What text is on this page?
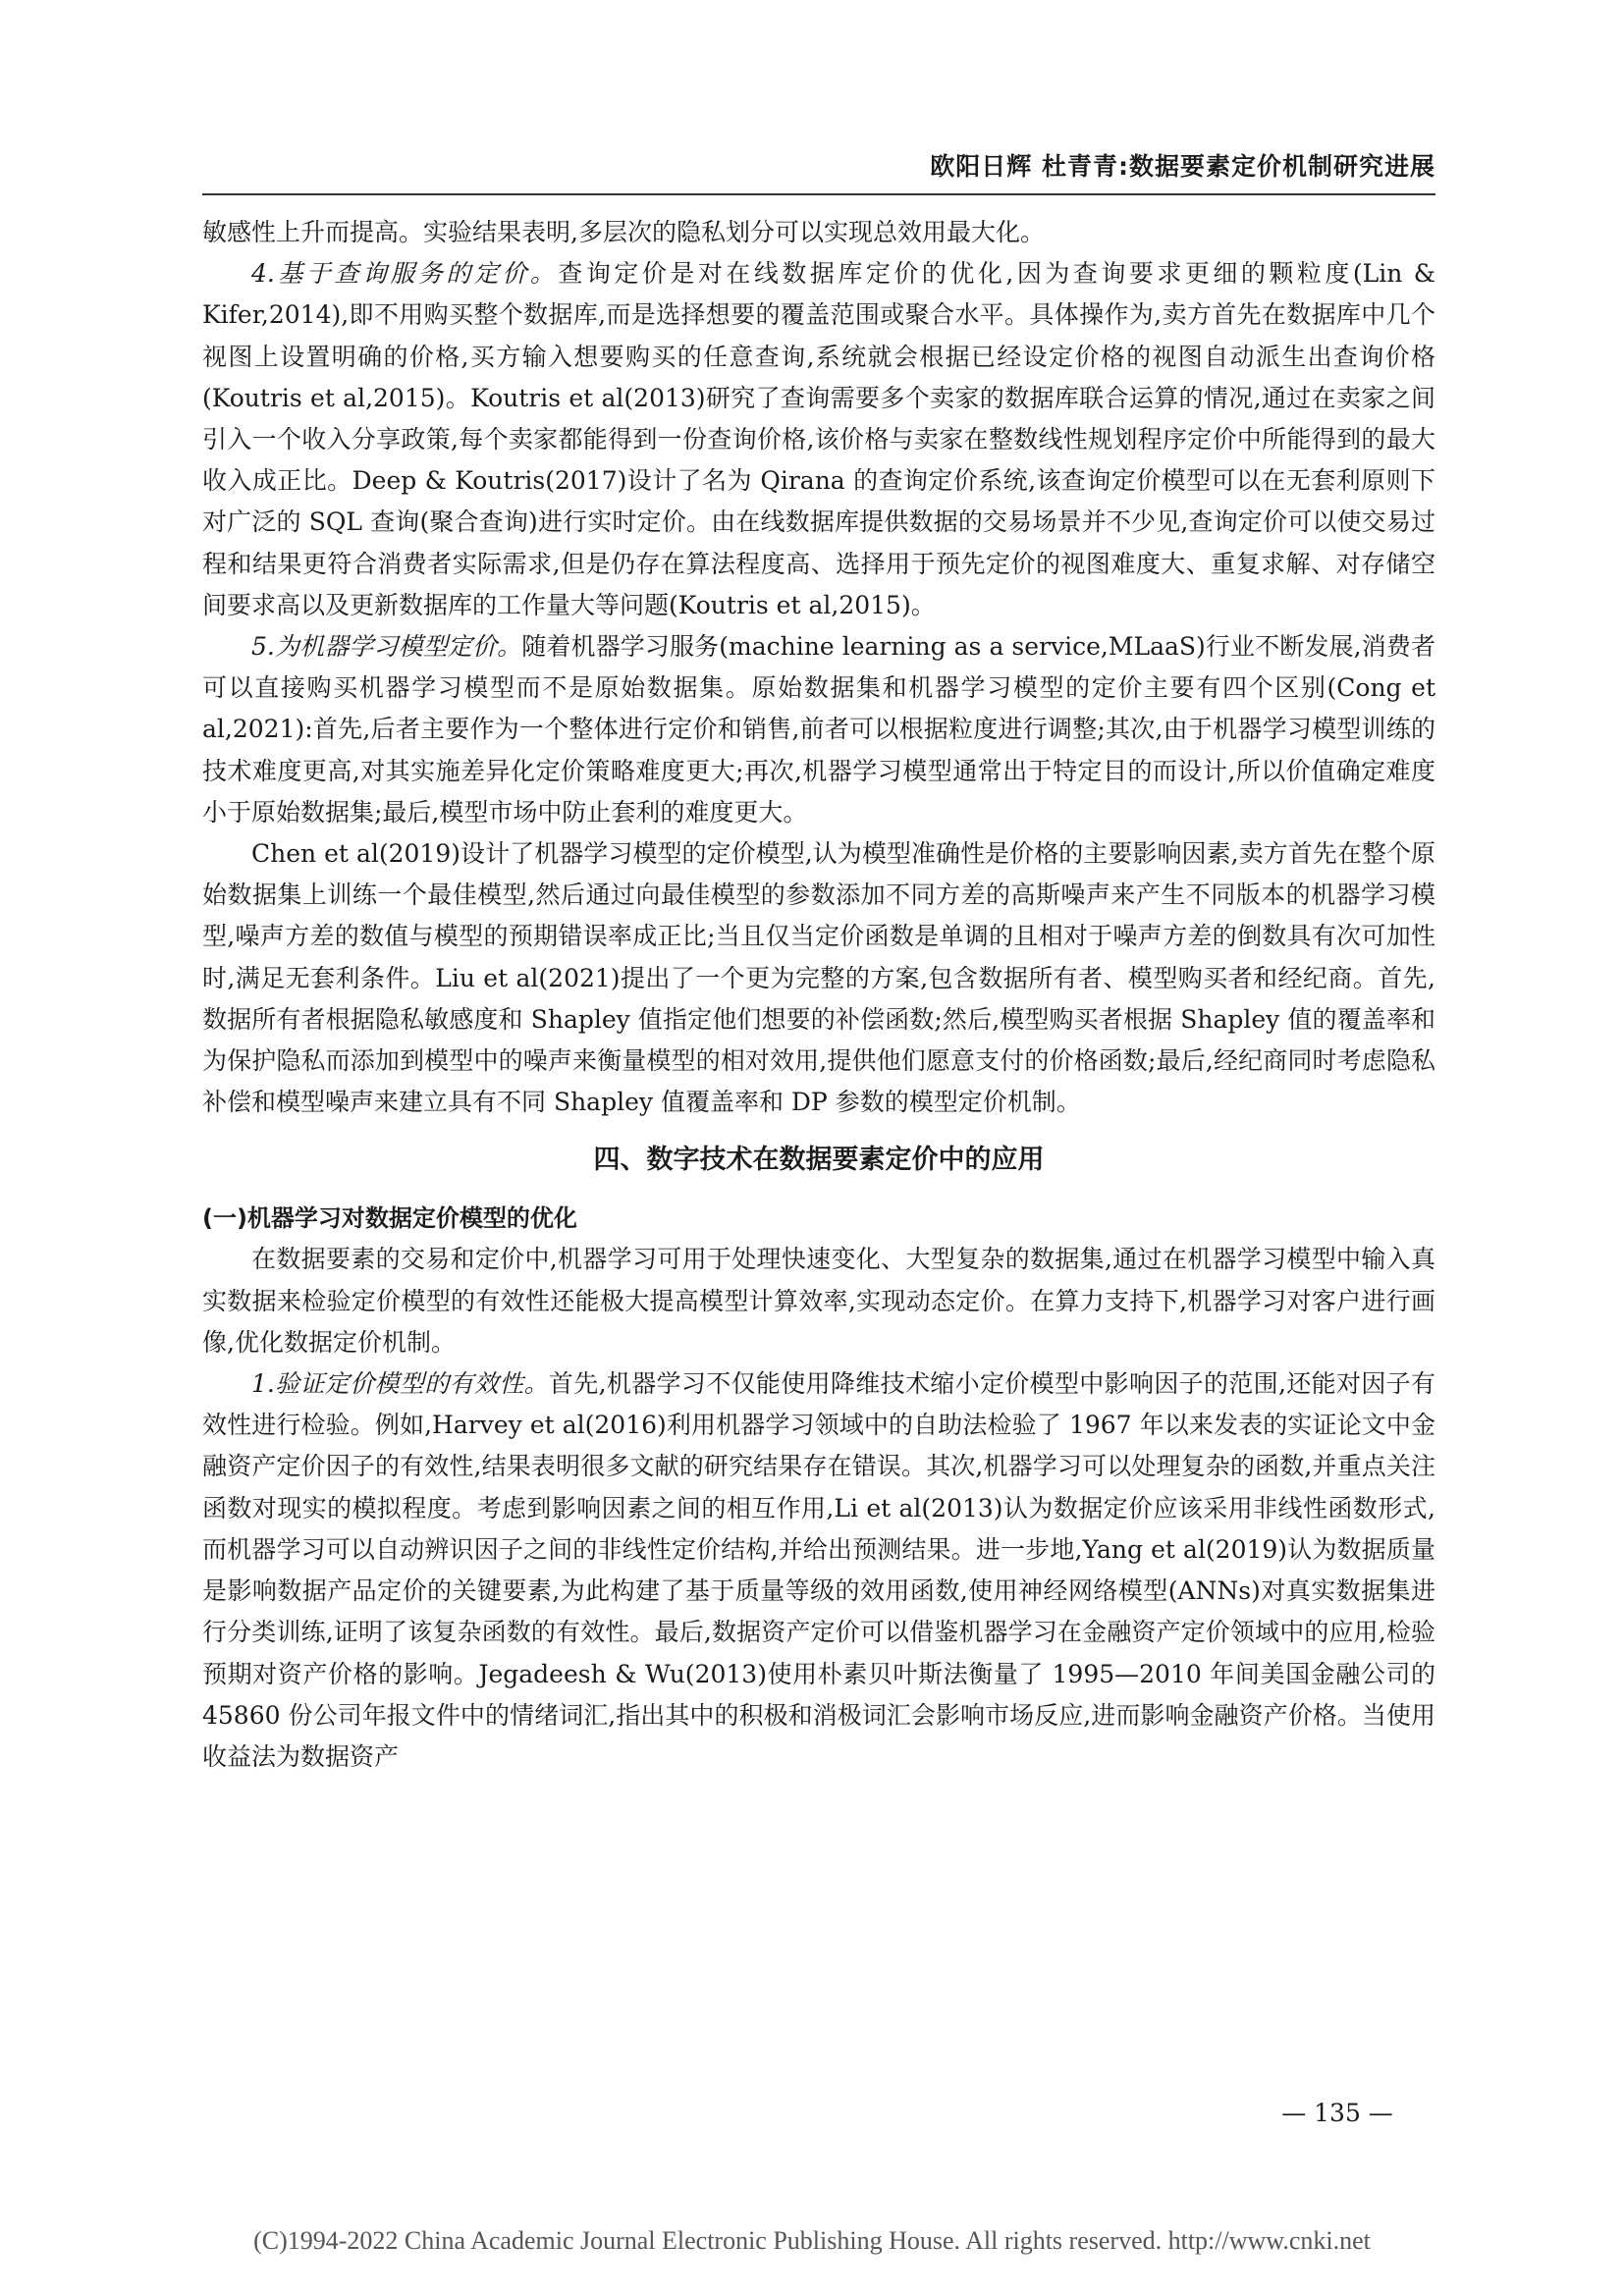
欧阳日辉 杜青青:数据要素定价机制研究进展

敏感性上升而提高。实验结果表明,多层次的隐私划分可以实现总效用最大化。

4.基于查询服务的定价。查询定价是对在线数据库定价的优化,因为查询要求更细的颗粒度(Lin & Kifer,2014),即不用购买整个数据库,而是选择想要的覆盖范围或聚合水平。具体操作为,卖方首先在数据库中几个视图上设置明确的价格,买方输入想要购买的任意查询,系统就会根据已经设定价格的视图自动派生出查询价格(Koutris et al,2015)。Koutris et al(2013)研究了查询需要多个卖家的数据库联合运算的情况,通过在卖家之间引入一个收入分享政策,每个卖家都能得到一份查询价格,该价格与卖家在整数线性规划程序定价中所能得到的最大收入成正比。Deep & Koutris(2017)设计了名为 Qirana 的查询定价系统,该查询定价模型可以在无套利原则下对广泛的 SQL 查询(聚合查询)进行实时定价。由在线数据库提供数据的交易场景并不少见,查询定价可以使交易过程和结果更符合消费者实际需求,但是仍存在算法程度高、选择用于预先定价的视图难度大、重复求解、对存储空间要求高以及更新数据库的工作量大等问题(Koutris et al,2015)。

5.为机器学习模型定价。随着机器学习服务(machine learning as a service,MLaaS)行业不断发展,消费者可以直接购买机器学习模型而不是原始数据集。原始数据集和机器学习模型的定价主要有四个区别(Cong et al,2021):首先,后者主要作为一个整体进行定价和销售,前者可以根据粒度进行调整;其次,由于机器学习模型训练的技术难度更高,对其实施差异化定价策略难度更大;再次,机器学习模型通常出于特定目的而设计,所以价值确定难度小于原始数据集;最后,模型市场中防止套利的难度更大。

Chen et al(2019)设计了机器学习模型的定价模型,认为模型准确性是价格的主要影响因素,卖方首先在整个原始数据集上训练一个最佳模型,然后通过向最佳模型的参数添加不同方差的高斯噪声来产生不同版本的机器学习模型,噪声方差的数值与模型的预期错误率成正比;当且仅当定价函数是单调的且相对于噪声方差的倒数具有次可加性时,满足无套利条件。Liu et al(2021)提出了一个更为完整的方案,包含数据所有者、模型购买者和经纪商。首先,数据所有者根据隐私敏感度和 Shapley 值指定他们想要的补偿函数;然后,模型购买者根据 Shapley 值的覆盖率和为保护隐私而添加到模型中的噪声来衡量模型的相对效用,提供他们愿意支付的价格函数;最后,经纪商同时考虑隐私补偿和模型噪声来建立具有不同 Shapley 值覆盖率和 DP 参数的模型定价机制。

四、数字技术在数据要素定价中的应用
(一)机器学习对数据定价模型的优化

在数据要素的交易和定价中,机器学习可用于处理快速变化、大型复杂的数据集,通过在机器学习模型中输入真实数据来检验定价模型的有效性还能极大提高模型计算效率,实现动态定价。在算力支持下,机器学习对客户进行画像,优化数据定价机制。

1.验证定价模型的有效性。首先,机器学习不仅能使用降维技术缩小定价模型中影响因子的范围,还能对因子有效性进行检验。例如,Harvey et al(2016)利用机器学习领域中的自助法检验了 1967 年以来发表的实证论文中金融资产定价因子的有效性,结果表明很多文献的研究结果存在错误。其次,机器学习可以处理复杂的函数,并重点关注函数对现实的模拟程度。考虑到影响因素之间的相互作用,Li et al(2013)认为数据定价应该采用非线性函数形式,而机器学习可以自动辨识因子之间的非线性定价结构,并给出预测结果。进一步地,Yang et al(2019)认为数据质量是影响数据产品定价的关键要素,为此构建了基于质量等级的效用函数,使用神经网络模型(ANNs)对真实数据集进行分类训练,证明了该复杂函数的有效性。最后,数据资产定价可以借鉴机器学习在金融资产定价领域中的应用,检验预期对资产价格的影响。Jegadeesh & Wu(2013)使用朴素贝叶斯法衡量了 1995—2010 年间美国金融公司的 45860 份公司年报文件中的情绪词汇,指出其中的积极和消极词汇会影响市场反应,进而影响金融资产价格。当使用收益法为数据资产

— 135 —
(C)1994-2022 China Academic Journal Electronic Publishing House. All rights reserved. http://www.cnki.net
